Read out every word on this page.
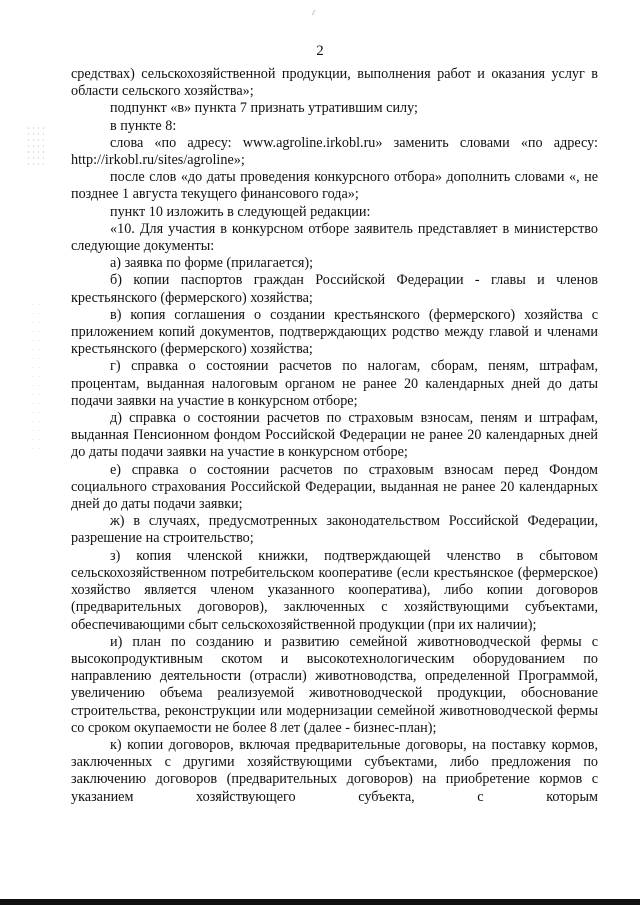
2

средствах) сельскохозяйственной продукции, выполнения работ и оказания услуг в области сельского хозяйства»;

подпункт «в» пункта 7 признать утратившим силу;

в пункте 8:

слова «по адресу: www.agroline.irkobl.ru» заменить словами «по адресу: http://irkobl.ru/sites/agroline»;

после слов «до даты проведения конкурсного отбора» дополнить словами «, не позднее 1 августа текущего финансового года»;

пункт 10 изложить в следующей редакции:

«10. Для участия в конкурсном отборе заявитель представляет в министерство следующие документы:

а) заявка по форме (прилагается);

б) копии паспортов граждан Российской Федерации - главы и членов крестьянского (фермерского) хозяйства;

в) копия соглашения о создании крестьянского (фермерского) хозяйства с приложением копий документов, подтверждающих родство между главой и членами крестьянского (фермерского) хозяйства;

г) справка о состоянии расчетов по налогам, сборам, пеням, штрафам, процентам, выданная налоговым органом не ранее 20 календарных дней до даты подачи заявки на участие в конкурсном отборе;

д) справка о состоянии расчетов по страховым взносам, пеням и штрафам, выданная Пенсионном фондом Российской Федерации не ранее 20 календарных дней до даты подачи заявки на участие в конкурсном отборе;

е) справка о состоянии расчетов по страховым взносам перед Фондом социального страхования Российской Федерации, выданная не ранее 20 календарных дней до даты подачи заявки;

ж) в случаях, предусмотренных законодательством Российской Федерации, разрешение на строительство;

з) копия членской книжки, подтверждающей членство в сбытовом сельскохозяйственном потребительском кооперативе (если крестьянское (фермерское) хозяйство является членом указанного кооператива), либо копии договоров (предварительных договоров), заключенных с хозяйствующими субъектами, обеспечивающими сбыт сельскохозяйственной продукции (при их наличии);

и) план по созданию и развитию семейной животноводческой фермы с высокопродуктивным скотом и высокотехнологическим оборудованием по направлению деятельности (отрасли) животноводства, определенной Программой, увеличению объема реализуемой животноводческой продукции, обоснование строительства, реконструкции или модернизации семейной животноводческой фермы со сроком окупаемости не более 8 лет (далее - бизнес-план);

к) копии договоров, включая предварительные договоры, на поставку кормов, заключенных с другими хозяйствующими субъектами, либо предложения по заключению договоров (предварительных договоров) на приобретение кормов с указанием хозяйствующего субъекта, с которым
